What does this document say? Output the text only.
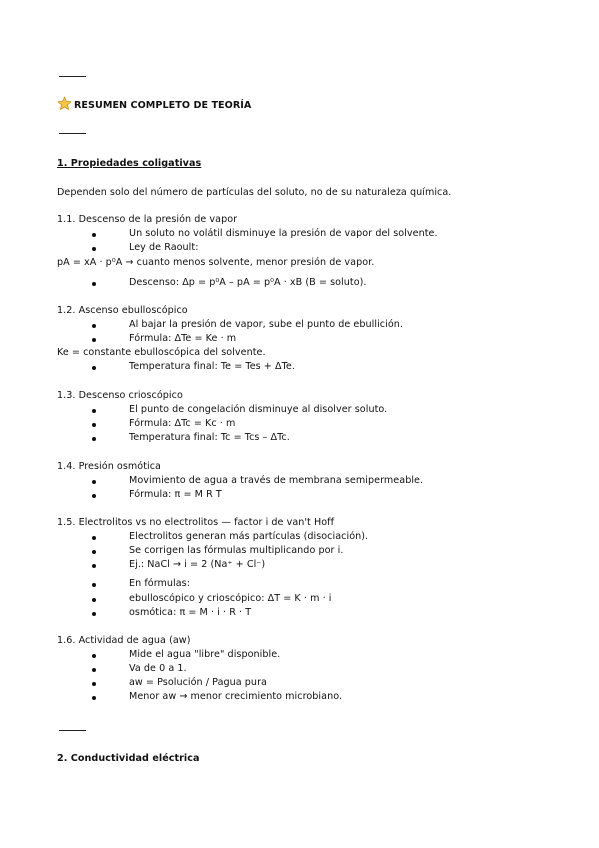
RESUMEN COMPLETO DE TEORÍA
1. Propiedades coligativas
Dependen solo del número de partículas del soluto, no de su naturaleza química.
1.1. Descenso de la presión de vapor
Un soluto no volátil disminuye la presión de vapor del solvente.
Ley de Raoult:
pA = xA · p⁰A → cuanto menos solvente, menor presión de vapor.
Descenso: Δp = p⁰A – pA = p⁰A · xB (B = soluto).
1.2. Ascenso ebulloscópico
Al bajar la presión de vapor, sube el punto de ebullición.
Fórmula: ΔTe = Ke · m
Ke = constante ebulloscópica del solvente.
Temperatura final: Te = Tes + ΔTe.
1.3. Descenso crioscópico
El punto de congelación disminuye al disolver soluto.
Fórmula: ΔTc = Kc · m
Temperatura final: Tc = Tcs – ΔTc.
1.4. Presión osmótica
Movimiento de agua a través de membrana semipermeable.
Fórmula: π = M R T
1.5. Electrolitos vs no electrolitos — factor i de van't Hoff
Electrolitos generan más partículas (disociación).
Se corrigen las fórmulas multiplicando por i.
Ej.: NaCl → i = 2 (Na⁺ + Cl⁻)
En fórmulas:
ebulloscópico y crioscópico: ΔT = K · m · i
osmótica: π = M · i · R · T
1.6. Actividad de agua (aw)
Mide el agua "libre" disponible.
Va de 0 a 1.
aw = Psolución / Pagua pura
Menor aw → menor crecimiento microbiano.
2. Conductividad eléctrica
